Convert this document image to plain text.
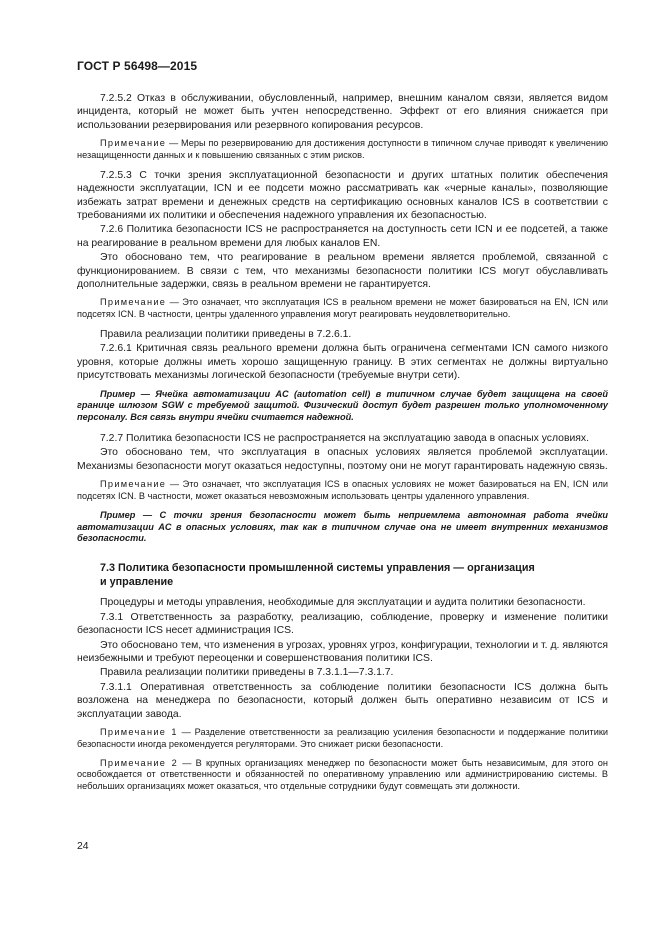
ГОСТ Р 56498—2015

7.2.5.2 Отказ в обслуживании, обусловленный, например, внешним каналом связи, является видом инцидента, который не может быть учтен непосредственно. Эффект от его влияния снижается при использовании резервирования или резервного копирования ресурсов.

Примечание — Меры по резервированию для достижения доступности в типичном случае приводят к увеличению незащищенности данных и к повышению связанных с этим рисков.

7.2.5.3 С точки зрения эксплуатационной безопасности и других штатных политик обеспечения надежности эксплуатации, ICN и ее подсети можно рассматривать как «черные каналы», позволяющие избежать затрат времени и денежных средств на сертификацию основных каналов ICS в соответствии с требованиями их политики и обеспечения надежного управления их безопасностью.

7.2.6 Политика безопасности ICS не распространяется на доступность сети ICN и ее подсетей, а также на реагирование в реальном времени для любых каналов EN.

Это обосновано тем, что реагирование в реальном времени является проблемой, связанной с функционированием. В связи с тем, что механизмы безопасности политики ICS могут обуславливать дополнительные задержки, связь в реальном времени не гарантируется.

Примечание — Это означает, что эксплуатация ICS в реальном времени не может базироваться на EN, ICN или подсетях ICN. В частности, центры удаленного управления могут реагировать неудовлетворительно.

Правила реализации политики приведены в 7.2.6.1.

7.2.6.1 Критичная связь реального времени должна быть ограничена сегментами ICN самого низкого уровня, которые должны иметь хорошо защищенную границу. В этих сегментах не должны виртуально присутствовать механизмы логической безопасности (требуемые внутри сети).

Пример — Ячейка автоматизации AC (automation cell) в типичном случае будет защищена на своей границе шлюзом SGW с требуемой защитой. Физический доступ будет разрешен только уполномоченному персоналу. Вся связь внутри ячейки считается надежной.

7.2.7 Политика безопасности ICS не распространяется на эксплуатацию завода в опасных условиях.

Это обосновано тем, что эксплуатация в опасных условиях является проблемой эксплуатации. Механизмы безопасности могут оказаться недоступны, поэтому они не могут гарантировать надежную связь.

Примечание — Это означает, что эксплуатация ICS в опасных условиях не может базироваться на EN, ICN или подсетях ICN. В частности, может оказаться невозможным использовать центры удаленного управления.

Пример — С точки зрения безопасности может быть неприемлема автономная работа ячейки автоматизации AC в опасных условиях, так как в типичном случае она не имеет внутренних механизмов безопасности.

7.3 Политика безопасности промышленной системы управления — организация
и управление

Процедуры и методы управления, необходимые для эксплуатации и аудита политики безопасности.

7.3.1 Ответственность за разработку, реализацию, соблюдение, проверку и изменение политики безопасности ICS несет администрация ICS.

Это обосновано тем, что изменения в угрозах, уровнях угроз, конфигурации, технологии и т. д. являются неизбежными и требуют переоценки и совершенствования политики ICS.

Правила реализации политики приведены в 7.3.1.1—7.3.1.7.

7.3.1.1 Оперативная ответственность за соблюдение политики безопасности ICS должна быть возложена на менеджера по безопасности, который должен быть оперативно независим от ICS и эксплуатации завода.

Примечание 1 — Разделение ответственности за реализацию усиления безопасности и поддержание политики безопасности иногда рекомендуется регуляторами. Это снижает риски безопасности.

Примечание 2 — В крупных организациях менеджер по безопасности может быть независимым, для этого он освобождается от ответственности и обязанностей по оперативному управлению или администрированию системы. В небольших организациях может оказаться, что отдельные сотрудники будут совмещать эти должности.

24
